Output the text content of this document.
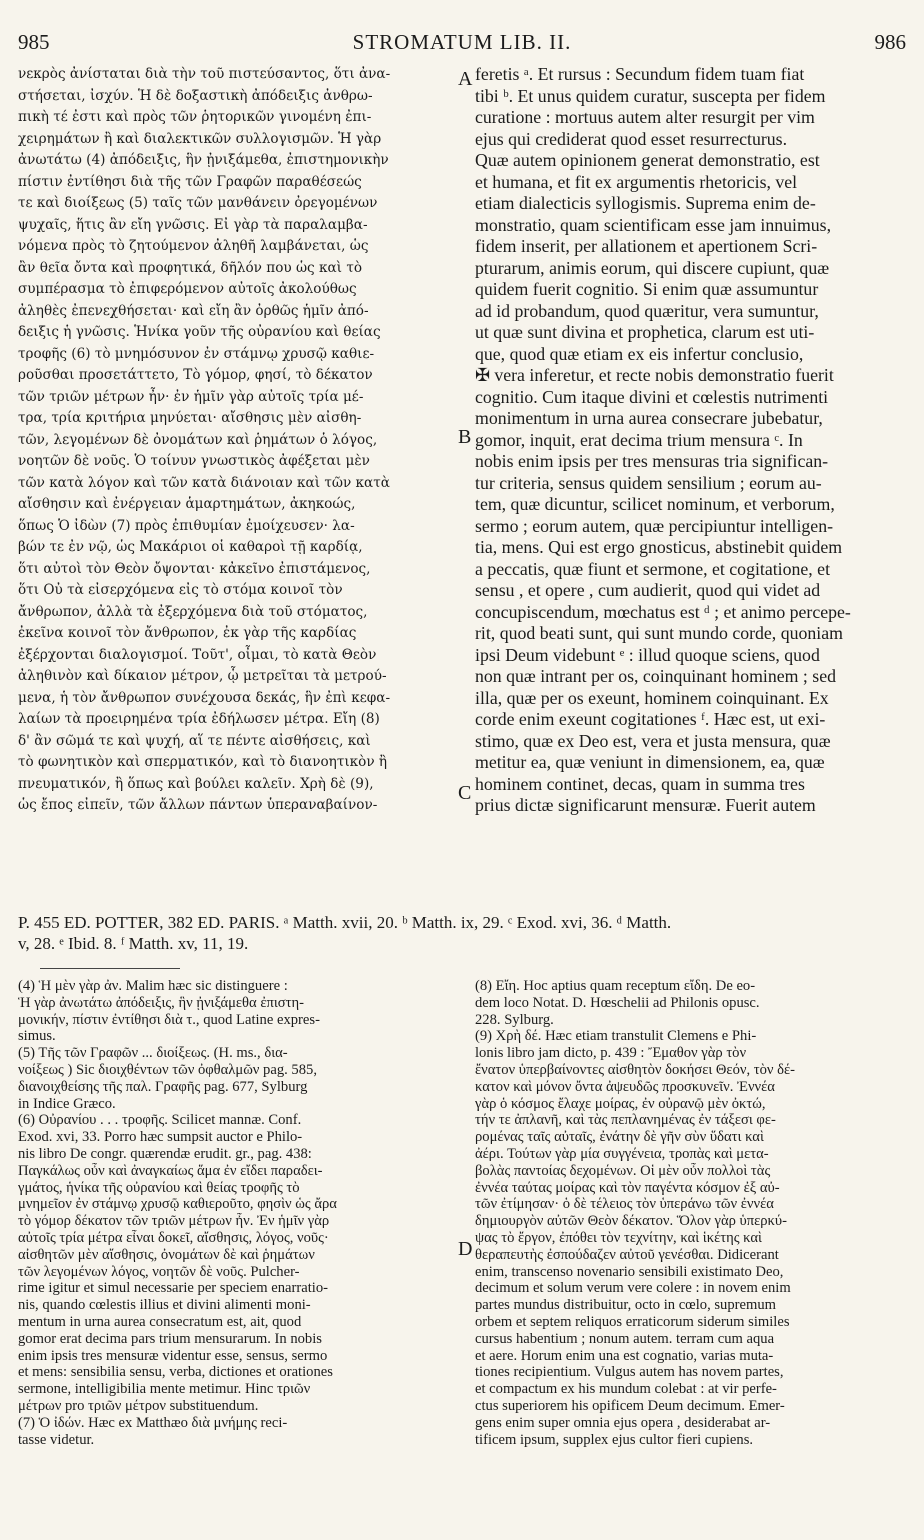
985	STROMATUM LIB. II.	986
νεκρὸς ἀνίσταται διὰ τὴν τοῦ πιστεύσαντος, ὅτι ἀνα-
στήσεται, ἰσχύν. Ἡ δὲ δοξαστικὴ ἀπόδειξις ἀνθρω-
πικὴ τέ ἐστι καὶ πρὸς τῶν ῥητορικῶν γινομένη ἐπι-
χειρημάτων ἢ καὶ διαλεκτικῶν συλλογισμῶν. Ἡ γὰρ
ἀνωτάτω (4) ἀπόδειξις, ἣν ᾐνιξάμεθα, ἐπιστημονικὴν
πίστιν ἐντίθησι διὰ τῆς τῶν Γραφῶν παραθέσεώς
τε καὶ διοίξεως (5) ταῖς τῶν μανθάνειν ὀρεγομένων
ψυχαῖς, ἥτις ἂν εἴη γνῶσις. Εἰ γὰρ τὰ παραλαμβα-
νόμενα πρὸς τὸ ζητούμενον ἀληθῆ λαμβάνεται, ὡς
ἂν θεῖα ὄντα καὶ προφητικά, δῆλόν που ὡς καὶ τὸ
συμπέρασμα τὸ ἐπιφερόμενον αὐτοῖς ἀκολούθως
ἀληθὲς ἐπενεχθήσεται· καὶ εἴη ἂν ὀρθῶς ἡμῖν ἀπό-
δειξις ἡ γνῶσις. Ἡνίκα γοῦν τῆς οὐρανίου καὶ θείας
τροφῆς (6) τὸ μνημόσυνον ἐν στάμνῳ χρυσῷ καθιε-
ροῦσθαι προσετάττετο, Τὸ γόμορ, φησί, τὸ δέκατον
τῶν τριῶν μέτρων ἦν· ἐν ἡμῖν γὰρ αὐτοῖς τρία μέ-
τρα, τρία κριτήρια μηνύεται· αἴσθησις μὲν αἰσθη-
τῶν, λεγομένων δὲ ὀνομάτων καὶ ῥημάτων ὁ λόγος,
νοητῶν δὲ νοῦς. Ὁ τοίνυν γνωστικὸς ἀφέξεται μὲν
τῶν κατὰ λόγον καὶ τῶν κατὰ διάνοιαν καὶ τῶν κατὰ
αἴσθησιν καὶ ἐνέργειαν ἁμαρτημάτων, ἀκηκοώς,
ὅπως Ὁ ἰδὼν (7) πρὸς ἐπιθυμίαν ἐμοίχευσεν· λα-
βών τε ἐν νῷ, ὡς Μακάριοι οἱ καθαροὶ τῇ καρδίᾳ,
ὅτι αὐτοὶ τὸν Θεὸν ὄψονται· κἀκεῖνο ἐπιστάμενος,
ὅτι Οὐ τὰ εἰσερχόμενα εἰς τὸ στόμα κοινοῖ τὸν
ἄνθρωπον, ἀλλὰ τὰ ἐξερχόμενα διὰ τοῦ στόματος,
ἐκεῖνα κοινοῖ τὸν ἄνθρωπον, ἐκ γὰρ τῆς καρδίας
ἐξέρχονται διαλογισμοί. Τοῦτ', οἶμαι, τὸ κατὰ Θεὸν
ἀληθινὸν καὶ δίκαιον μέτρον, ᾧ μετρεῖται τὰ μετρού-
μενα, ἡ τὸν ἄνθρωπον συνέχουσα δεκάς, ἣν ἐπὶ κεφα-
λαίων τὰ προειρημένα τρία ἐδήλωσεν μέτρα. Εἴη (8)
δ' ἂν σῶμά τε καὶ ψυχή, αἵ τε πέντε αἰσθήσεις, καὶ
τὸ φωνητικὸν καὶ σπερματικόν, καὶ τὸ διανοητικὸν ἢ
πνευματικόν, ἢ ὅπως καὶ βούλει καλεῖν. Χρὴ δὲ (9),
ὡς ἔπος εἰπεῖν, τῶν ἄλλων πάντων ὑπεραναβαίνον-
feretis ᵃ. Et rursus : Secundum fidem tuam fiat
tibi ᵇ. Et unus quidem curatur, suscepta per fidem
curatione : mortuus autem alter resurgit per vim
ejus qui crediderat quod esset resurrecturus.
Quæ autem opinionem generat demonstratio, est
et humana, et fit ex argumentis rhetoricis, vel
etiam dialecticis syllogismis. Suprema enim de-
monstratio, quam scientificam esse jam innuimus,
fidem inserit, per allationem et apertionem Scri-
pturarum, animis eorum, qui discere cupiunt, quæ
quidem fuerit cognitio. Si enim quæ assumuntur
ad id probandum, quod quæritur, vera sumuntur,
ut quæ sunt divina et prophetica, clarum est uti-
que, quod quæ etiam ex eis infertur conclusio,
✠ vera inferetur, et recte nobis demonstratio fuerit
cognitio. Cum itaque divini et cœlestis nutrimenti
monimentum in urna aurea consecrare jubebatur,
gomor, inquit, erat decima trium mensura ᶜ. In
nobis enim ipsis per tres mensuras tria significan-
tur criteria, sensus quidem sensilium ; eorum au-
tem, quæ dicuntur, scilicet nominum, et verborum,
sermo ; eorum autem, quæ percipiuntur intelligen-
tia, mens. Qui est ergo gnosticus, abstinebit quidem
a peccatis, quæ fiunt et sermone, et cogitatione, et
sensu , et opere , cum audierit, quod qui videt ad
concupiscendum, mœchatus est ᵈ ; et animo percepe-
rit, quod beati sunt, qui sunt mundo corde, quoniam
ipsi Deum videbunt ᵉ : illud quoque sciens, quod
non quæ intrant per os, coinquinant hominem ; sed
illa, quæ per os exeunt, hominem coinquinant. Ex
corde enim exeunt cogitationes ᶠ. Hæc est, ut exi-
stimo, quæ ex Deo est, vera et justa mensura, quæ
metitur ea, quæ veniunt in dimensionem, ea, quæ
hominem continet, decas, quam in summa tres
prius dictæ significarunt mensuræ. Fuerit autem
A
B
C
D
P. 455 ED. POTTER, 382 ED. PARIS. ᵃ Matth. xvii, 20. ᵇ Matth. ix, 29. ᶜ Exod. xvi, 36. ᵈ Matth.
v, 28. ᵉ Ibid. 8. ᶠ Matth. xv, 11, 19.
(4) Ἡ μὲν γὰρ ἀν. Malim hæc sic distinguere :
Ἡ γὰρ ἀνωτάτω ἀπόδειξις, ἣν ᾐνιξάμεθα ἐπιστη-
μονικήν, πίστιν ἐντίθησι διὰ τ., quod Latine expres-
simus.
(5) Τῆς τῶν Γραφῶν ... διοίξεως. (H. ms., δια-
νοίξεως ) Sic διοιχθέντων τῶν ὀφθαλμῶν pag. 585,
διανοιχθείσης τῆς παλ. Γραφῆς pag. 677, Sylburg
in Indice Græco.
(6) Οὐρανίου . . . τροφῆς. Scilicet mannæ. Conf.
Exod. xvi, 33. Porro hæc sumpsit auctor e Philo-
nis libro De congr. quærendæ erudit. gr., pag. 438:
Παγκάλως οὖν καὶ ἀναγκαίως ἅμα ἐν εἴδει παραδει-
γμάτος, ἡνίκα τῆς οὐρανίου καὶ θείας τροφῆς τὸ
μνημεῖον ἐν στάμνῳ χρυσῷ καθιεροῦτο, φησὶν ὡς ἄρα
τὸ γόμορ δέκατον τῶν τριῶν μέτρων ἦν. Ἐν ἡμῖν γὰρ
αὐτοῖς τρία μέτρα εἶναι δοκεῖ, αἴσθησις, λόγος, νοῦς·
αἰσθητῶν μὲν αἴσθησις, ὀνομάτων δὲ καὶ ῥημάτων
τῶν λεγομένων λόγος, νοητῶν δὲ νοῦς. Pulcher-
rime igitur et simul necessarie per speciem enarratio-
nis, quando cœlestis illius et divini alimenti moni-
mentum in urna aurea consecratum est, ait, quod
gomor erat decima pars trium mensurarum. In nobis
enim ipsis tres mensuræ videntur esse, sensus, sermo
et mens: sensibilia sensu, verba, dictiones et orationes
sermone, intelligibilia mente metimur. Hinc τριῶν
μέτρων pro τριῶν μέτρον substituendum.
(7) Ὁ ἰδών. Hæc ex Matthæo διὰ μνήμης reci-
tasse videtur.
(8) Εἴη. Hoc aptius quam receptum εἴδη. De eo-
dem loco Notat. D. Hœschelii ad Philonis opusc.
228. Sylburg.
(9) Χρὴ δέ. Hæc etiam transtulit Clemens e Phi-
lonis libro jam dicto, p. 439 : Ἔμαθον γὰρ τὸν
ἔνατον ὑπερβαίνοντες αἰσθητὸν δοκήσει Θεόν, τὸν δέ-
κατον καὶ μόνον ὄντα ἀψευδῶς προσκυνεῖν. Ἐννέα
γὰρ ὁ κόσμος ἔλαχε μοίρας, ἐν οὐρανῷ μὲν ὀκτώ,
τήν τε ἀπλανῆ, καὶ τὰς πεπλανημένας ἐν τάξεσι φε-
ρομένας ταῖς αὐταῖς, ἐνάτην δὲ γῆν σὺν ὕδατι καὶ
ἀέρι. Τούτων γὰρ μία συγγένεια, τροπὰς καὶ μετα-
βολὰς παντοίας δεχομένων. Οἱ μὲν οὖν πολλοὶ τὰς
ἐννέα ταύτας μοίρας καὶ τὸν παγέντα κόσμον ἐξ αὐ-
τῶν ἐτίμησαν· ὁ δὲ τέλειος τὸν ὑπεράνω τῶν ἐννέα
δημιουργὸν αὐτῶν Θεὸν δέκατον. Ὅλον γὰρ ὑπερκύ-
ψας τὸ ἔργον, ἐπόθει τὸν τεχνίτην, καὶ ἱκέτης καὶ
θεραπευτὴς ἐσπούδαζεν αὐτοῦ γενέσθαι. Didicerant
enim, transcenso novenario sensibili existimato Deo,
decimum et solum verum vere colere : in novem enim
partes mundus distribuitur, octo in cœlo, supremum
orbem et septem reliquos erraticorum siderum similes
cursus habentium ; nonum autem. terram cum aqua
et aere. Horum enim una est cognatio, varias muta-
tiones recipientium. Vulgus autem has novem partes,
et compactum ex his mundum colebat : at vir perfe-
ctus superiorem his opificem Deum decimum. Emer-
gens enim super omnia ejus opera , desiderabat ar-
tificem ipsum, supplex ejus cultor fieri cupiens.
